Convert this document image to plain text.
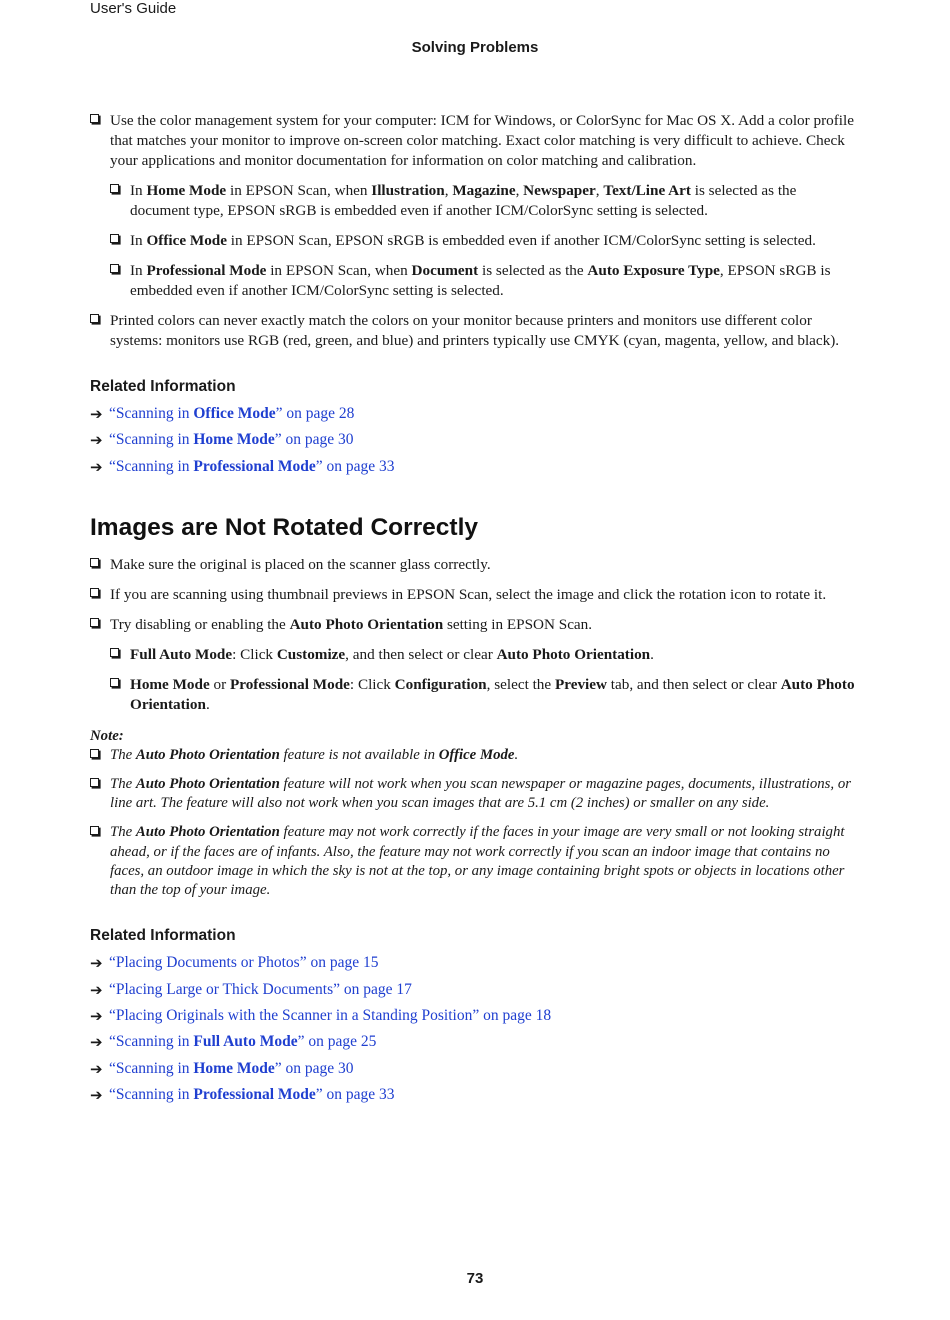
User's Guide
Solving Problems
Use the color management system for your computer: ICM for Windows, or ColorSync for Mac OS X. Add a color profile that matches your monitor to improve on-screen color matching. Exact color matching is very difficult to achieve. Check your applications and monitor documentation for information on color matching and calibration.
In Home Mode in EPSON Scan, when Illustration, Magazine, Newspaper, Text/Line Art is selected as the document type, EPSON sRGB is embedded even if another ICM/ColorSync setting is selected.
In Office Mode in EPSON Scan, EPSON sRGB is embedded even if another ICM/ColorSync setting is selected.
In Professional Mode in EPSON Scan, when Document is selected as the Auto Exposure Type, EPSON sRGB is embedded even if another ICM/ColorSync setting is selected.
Printed colors can never exactly match the colors on your monitor because printers and monitors use different color systems: monitors use RGB (red, green, and blue) and printers typically use CMYK (cyan, magenta, yellow, and black).
Related Information
➔ “Scanning in Office Mode” on page 28
➔ “Scanning in Home Mode” on page 30
➔ “Scanning in Professional Mode” on page 33
Images are Not Rotated Correctly
Make sure the original is placed on the scanner glass correctly.
If you are scanning using thumbnail previews in EPSON Scan, select the image and click the rotation icon to rotate it.
Try disabling or enabling the Auto Photo Orientation setting in EPSON Scan.
Full Auto Mode: Click Customize, and then select or clear Auto Photo Orientation.
Home Mode or Professional Mode: Click Configuration, select the Preview tab, and then select or clear Auto Photo Orientation.
Note:
The Auto Photo Orientation feature is not available in Office Mode.
The Auto Photo Orientation feature will not work when you scan newspaper or magazine pages, documents, illustrations, or line art. The feature will also not work when you scan images that are 5.1 cm (2 inches) or smaller on any side.
The Auto Photo Orientation feature may not work correctly if the faces in your image are very small or not looking straight ahead, or if the faces are of infants. Also, the feature may not work correctly if you scan an indoor image that contains no faces, an outdoor image in which the sky is not at the top, or any image containing bright spots or objects in locations other than the top of your image.
Related Information
➔ “Placing Documents or Photos” on page 15
➔ “Placing Large or Thick Documents” on page 17
➔ “Placing Originals with the Scanner in a Standing Position” on page 18
➔ “Scanning in Full Auto Mode” on page 25
➔ “Scanning in Home Mode” on page 30
➔ “Scanning in Professional Mode” on page 33
73
